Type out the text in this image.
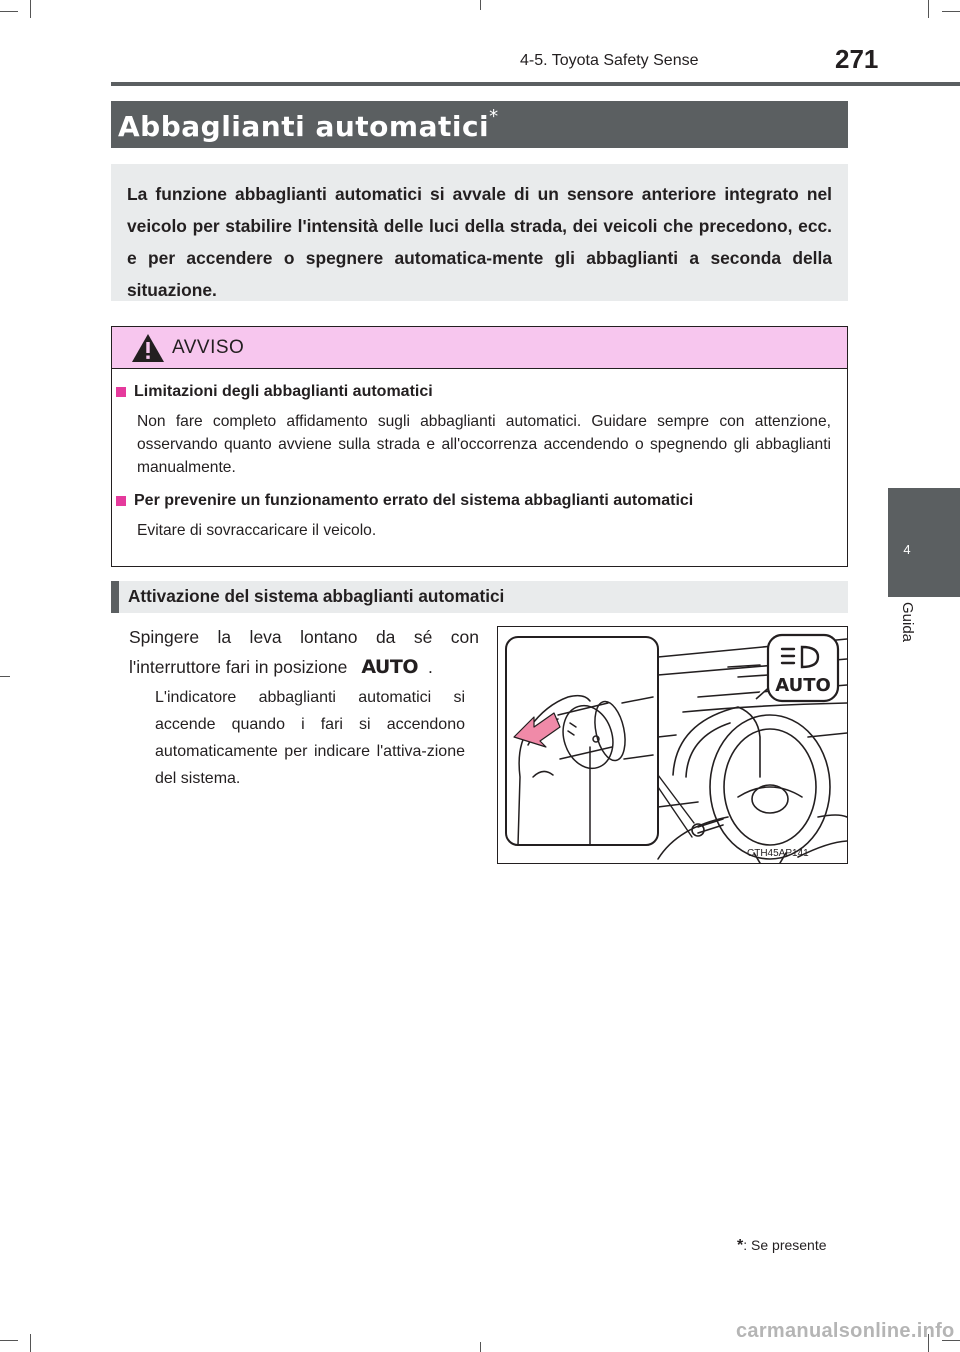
4-5. Toyota Safety Sense	271
4
Guida
Abbaglianti automatici*

La funzione abbaglianti automatici si avvale di un sensore anteriore integrato nel veicolo per stabilire l'intensità delle luci della strada, dei veicoli che precedono, ecc. e per accendere o spegnere automatica-mente gli abbaglianti a seconda della situazione.

AVVISO
Limitazioni degli abbaglianti automatici
Non fare completo affidamento sugli abbaglianti automatici. Guidare sempre con attenzione, osservando quanto avviene sulla strada e all'occorrenza accendendo o spegnendo gli abbaglianti manualmente.
Per prevenire un funzionamento errato del sistema abbaglianti automatici
Evitare di sovraccaricare il veicolo.
Attivazione del sistema abbaglianti automatici
Spingere la leva lontano da sé con l'interruttore fari in posizione AUTO .
L'indicatore abbaglianti automatici si accende quando i fari si accendono automaticamente per indicare l'attiva-zione del sistema.
AUTO
CTH45AP141
*: Se presente
carmanualsonline.info
